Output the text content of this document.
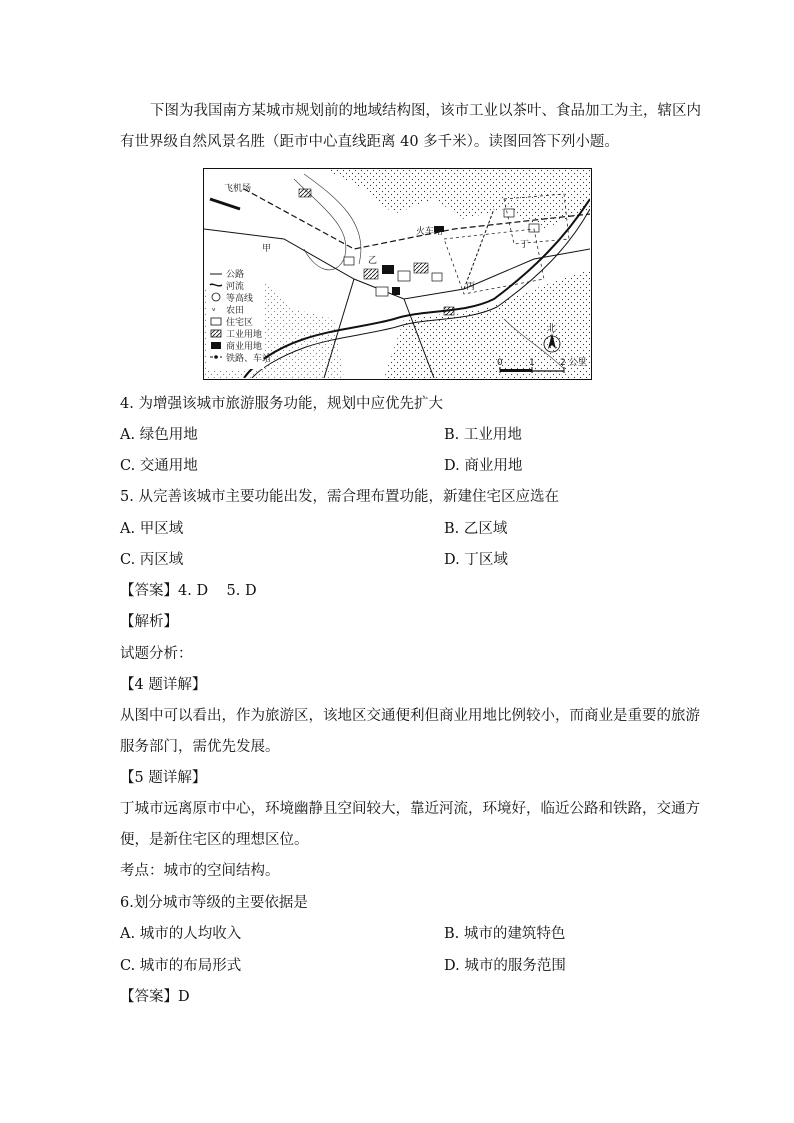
下图为我国南方某城市规划前的地域结构图，该市工业以茶叶、食品加工为主，辖区内
有世界级自然风景名胜（距市中心直线距离 40 多千米）。读图回答下列小题。
ᵥ
公路
河流
等高线
农田
住宅区
工业用地
商业用地
铁路、车站
飞机场
火车站
甲
乙
丙
丁
北
0	1	2 公里
4. 为增强该城市旅游服务功能，规划中应优先扩大
A. 绿色用地	B. 工业用地
C. 交通用地	D. 商业用地
5. 从完善该城市主要功能出发，需合理布置功能，新建住宅区应选在
A. 甲区域	B. 乙区域
C. 丙区域	D. 丁区域
【答案】4. D    5. D
【解析】
试题分析：
【4 题详解】
从图中可以看出，作为旅游区，该地区交通便利但商业用地比例较小，而商业是重要的旅游
服务部门，需优先发展。
【5 题详解】
丁城市远离原市中心，环境幽静且空间较大，靠近河流，环境好，临近公路和铁路，交通方
便，是新住宅区的理想区位。
考点：城市的空间结构。
6.划分城市等级的主要依据是
A. 城市的人均收入	B. 城市的建筑特色
C. 城市的布局形式	D. 城市的服务范围
【答案】D
